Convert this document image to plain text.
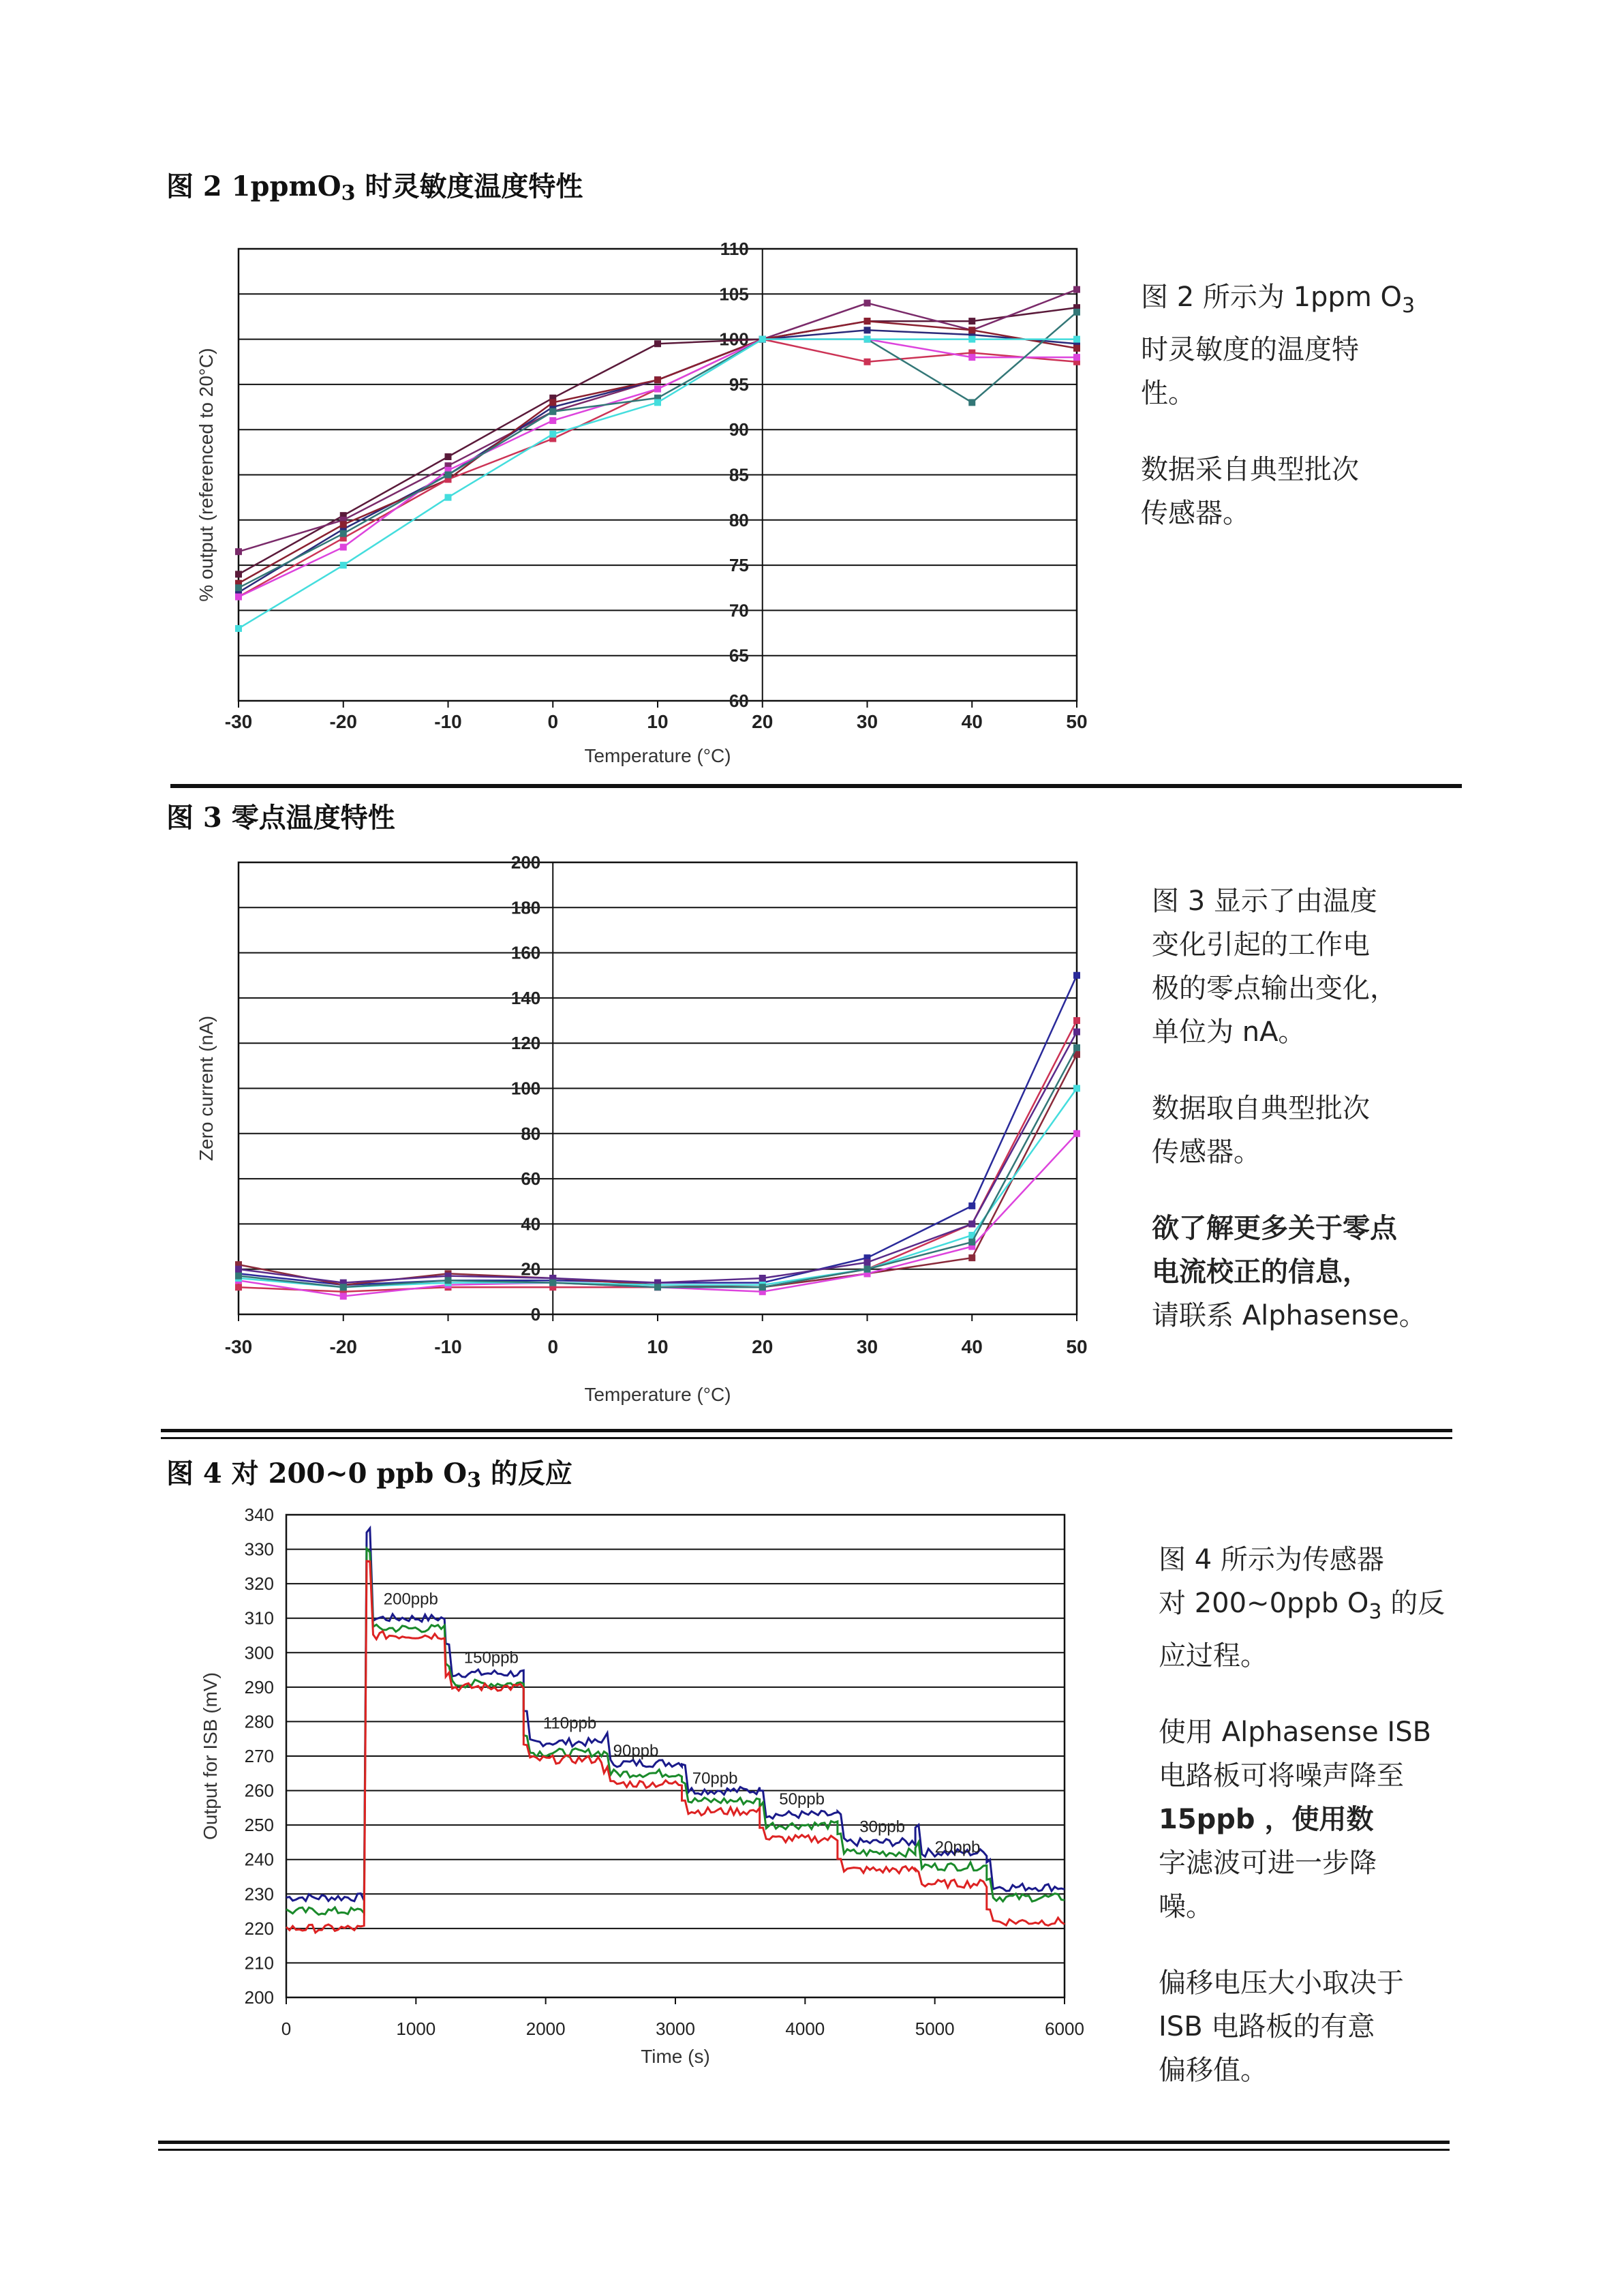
图 2 1ppmO$_3$ 时灵敏度温度特性
60
65
70
75
80
85
90
95
100
105
110
-30	-20	-10	0	10	20	30	40	50
Temperature (°C)
% output (referenced to 20°C)
0
20
40
60
80
100
120
140
160
180
200
-30	-20	-10	0	10	20	30	40	50
Temperature (°C)
Zero current (nA)
200
210
220
230
240
250
260
270
280
290
300
310
320
330
340
0	1000	2000	3000	4000	5000	6000
Time (s)
Output for ISB (mV)
200ppb
150ppb
110ppb
90ppb
70ppb
50ppb
30ppb
20ppb

图 2 所示为 1ppm $O_3$
时灵敏度的温度特
性。

数据采自典型批次
传感器。

图 3 零点温度特性

图 3 显示了由温度
变化引起的工作电
极的零点输出变化，
单位为 nA。

数据取自典型批次
传感器。

欲了解更多关于零点
电流校正的信息，
请联系 Alphasense。

图 4 对 200~0 ppb $O_3$ 的反应

图 4 所示为传感器
对 200~0ppb $O_3$ 的反
应过程。

使用 Alphasense ISB
电路板可将噪声降至
15ppb ，使用数
字滤波可进一步降
噪。

偏移电压大小取决于
ISB 电路板的有意
偏移值。
